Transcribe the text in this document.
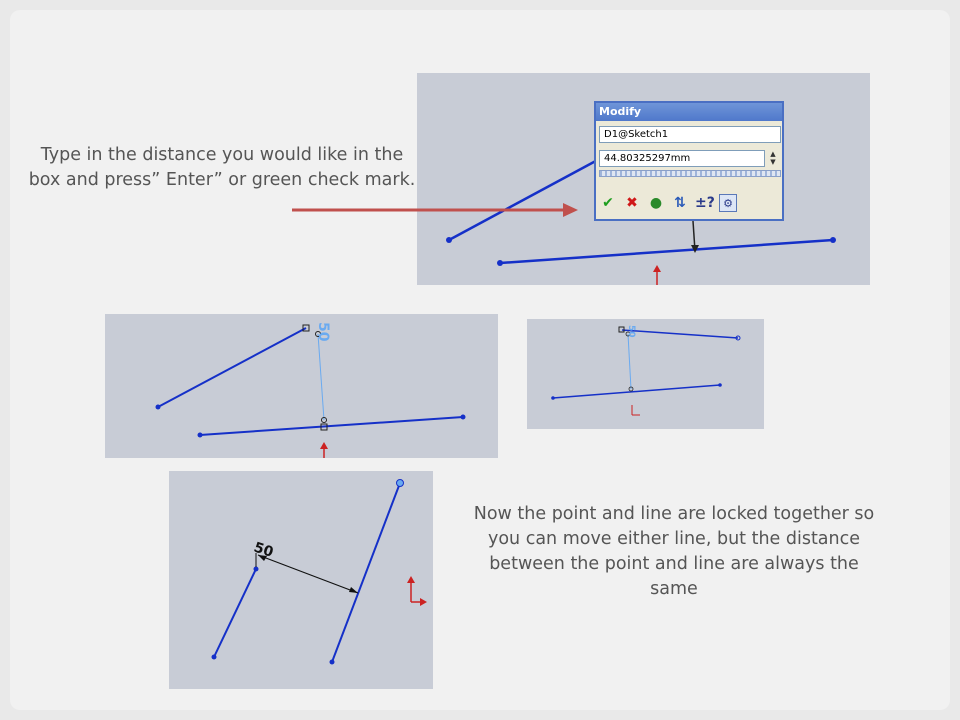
Modify
D1@Sketch1
44.80325297mm	▲
▼
✔ ✖ ● ⇅ ±? ⚙
Type in the distance you would like in the box and press” Enter” or green check mark.
50	50
50
Now the point and line are locked together so you can move either line, but the distance between the point and line are always the same
